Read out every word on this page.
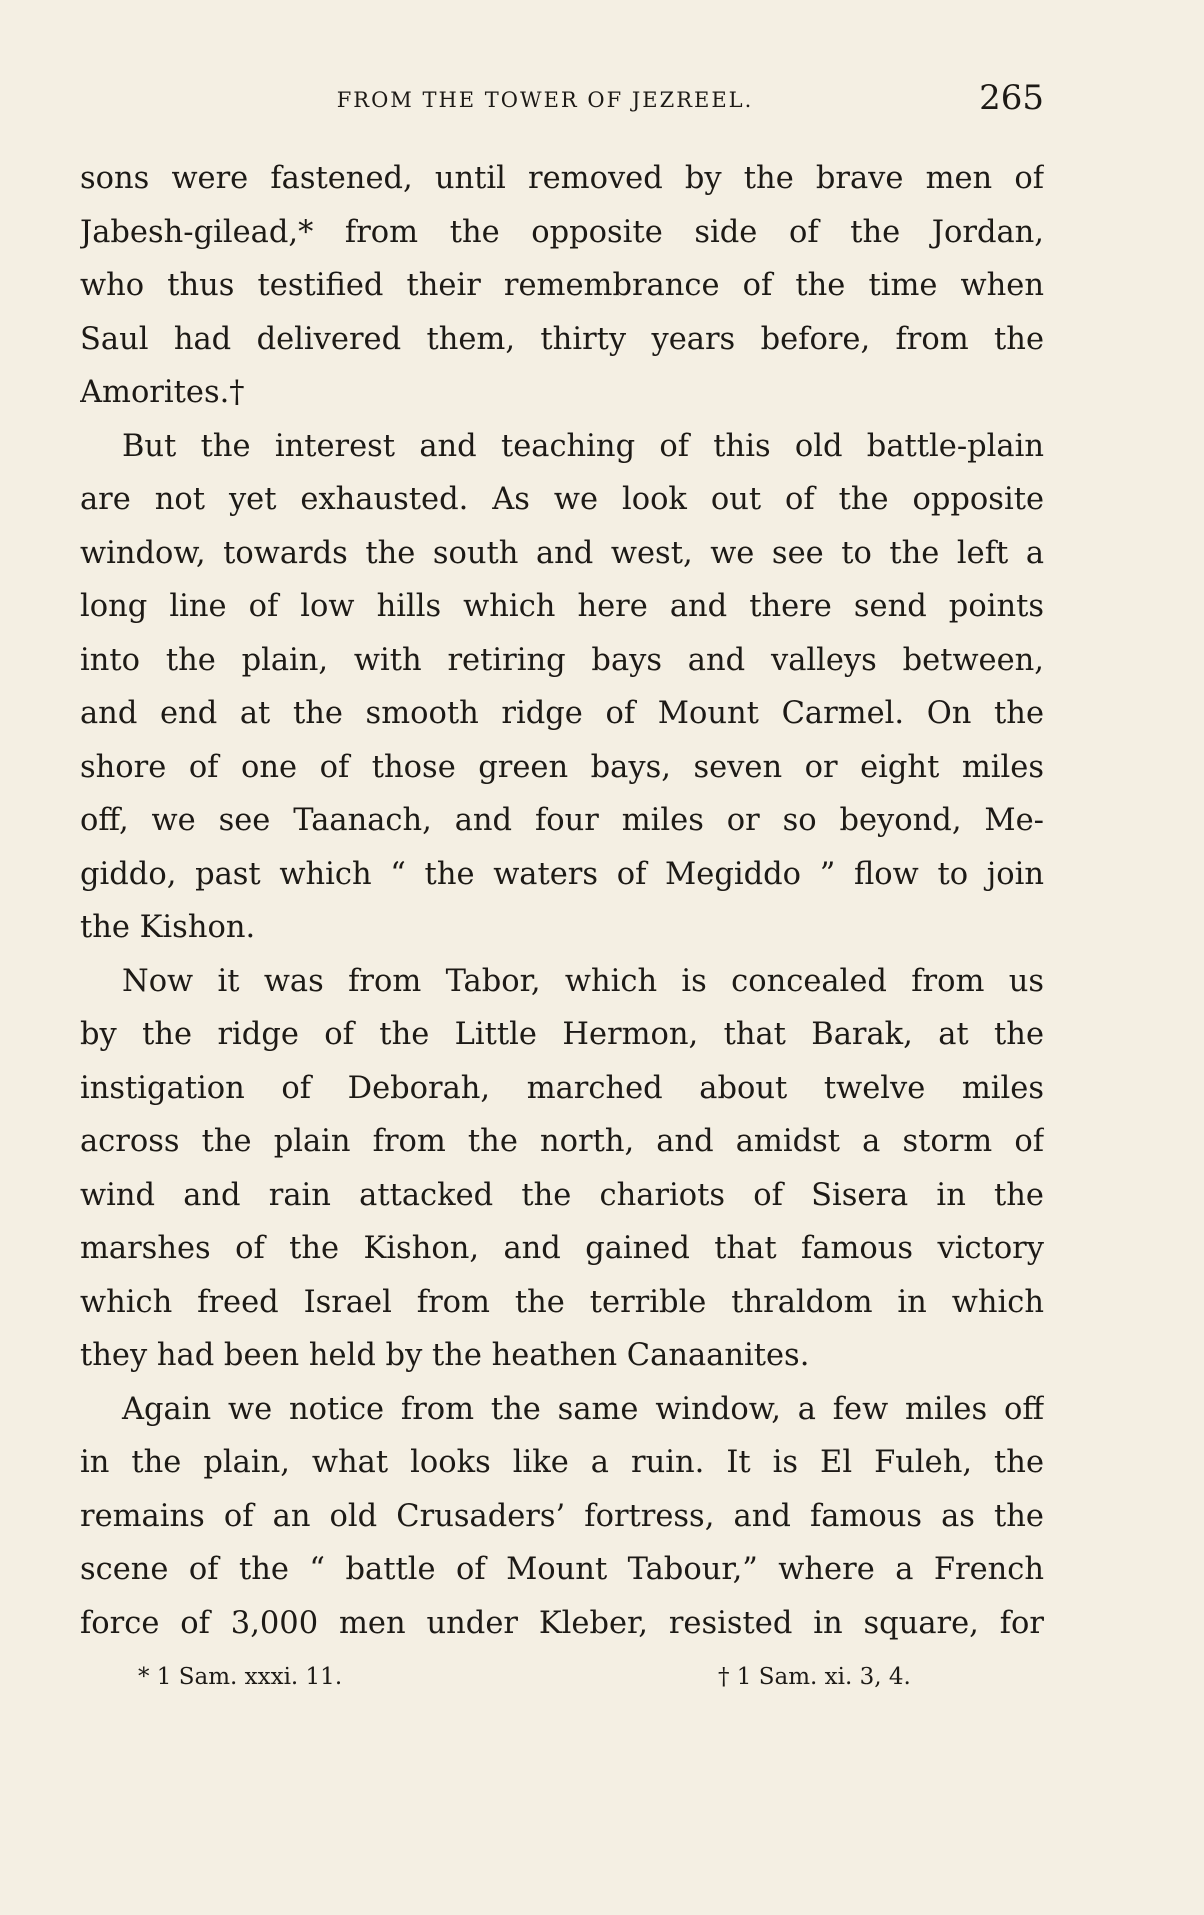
FROM THE TOWER OF JEZREEL.	265
sons were fastened, until removed by the brave men of
Jabesh-gilead,* from the opposite side of the Jordan,
who thus testified their remembrance of the time when
Saul had delivered them, thirty years before, from the
Amorites.†
But the interest and teaching of this old battle-plain
are not yet exhausted. As we look out of the opposite
window, towards the south and west, we see to the left a
long line of low hills which here and there send points
into the plain, with retiring bays and valleys between,
and end at the smooth ridge of Mount Carmel. On the
shore of one of those green bays, seven or eight miles
off, we see Taanach, and four miles or so beyond, Me-
giddo, past which “ the waters of Megiddo ” flow to join
the Kishon.
Now it was from Tabor, which is concealed from us
by the ridge of the Little Hermon, that Barak, at the
instigation of Deborah, marched about twelve miles
across the plain from the north, and amidst a storm of
wind and rain attacked the chariots of Sisera in the
marshes of the Kishon, and gained that famous victory
which freed Israel from the terrible thraldom in which
they had been held by the heathen Canaanites.
Again we notice from the same window, a few miles off
in the plain, what looks like a ruin. It is El Fuleh, the
remains of an old Crusaders’ fortress, and famous as the
scene of the “ battle of Mount Tabour,” where a French
force of 3,000 men under Kleber, resisted in square, for
* 1 Sam. xxxi. 11.	† 1 Sam. xi. 3, 4.
